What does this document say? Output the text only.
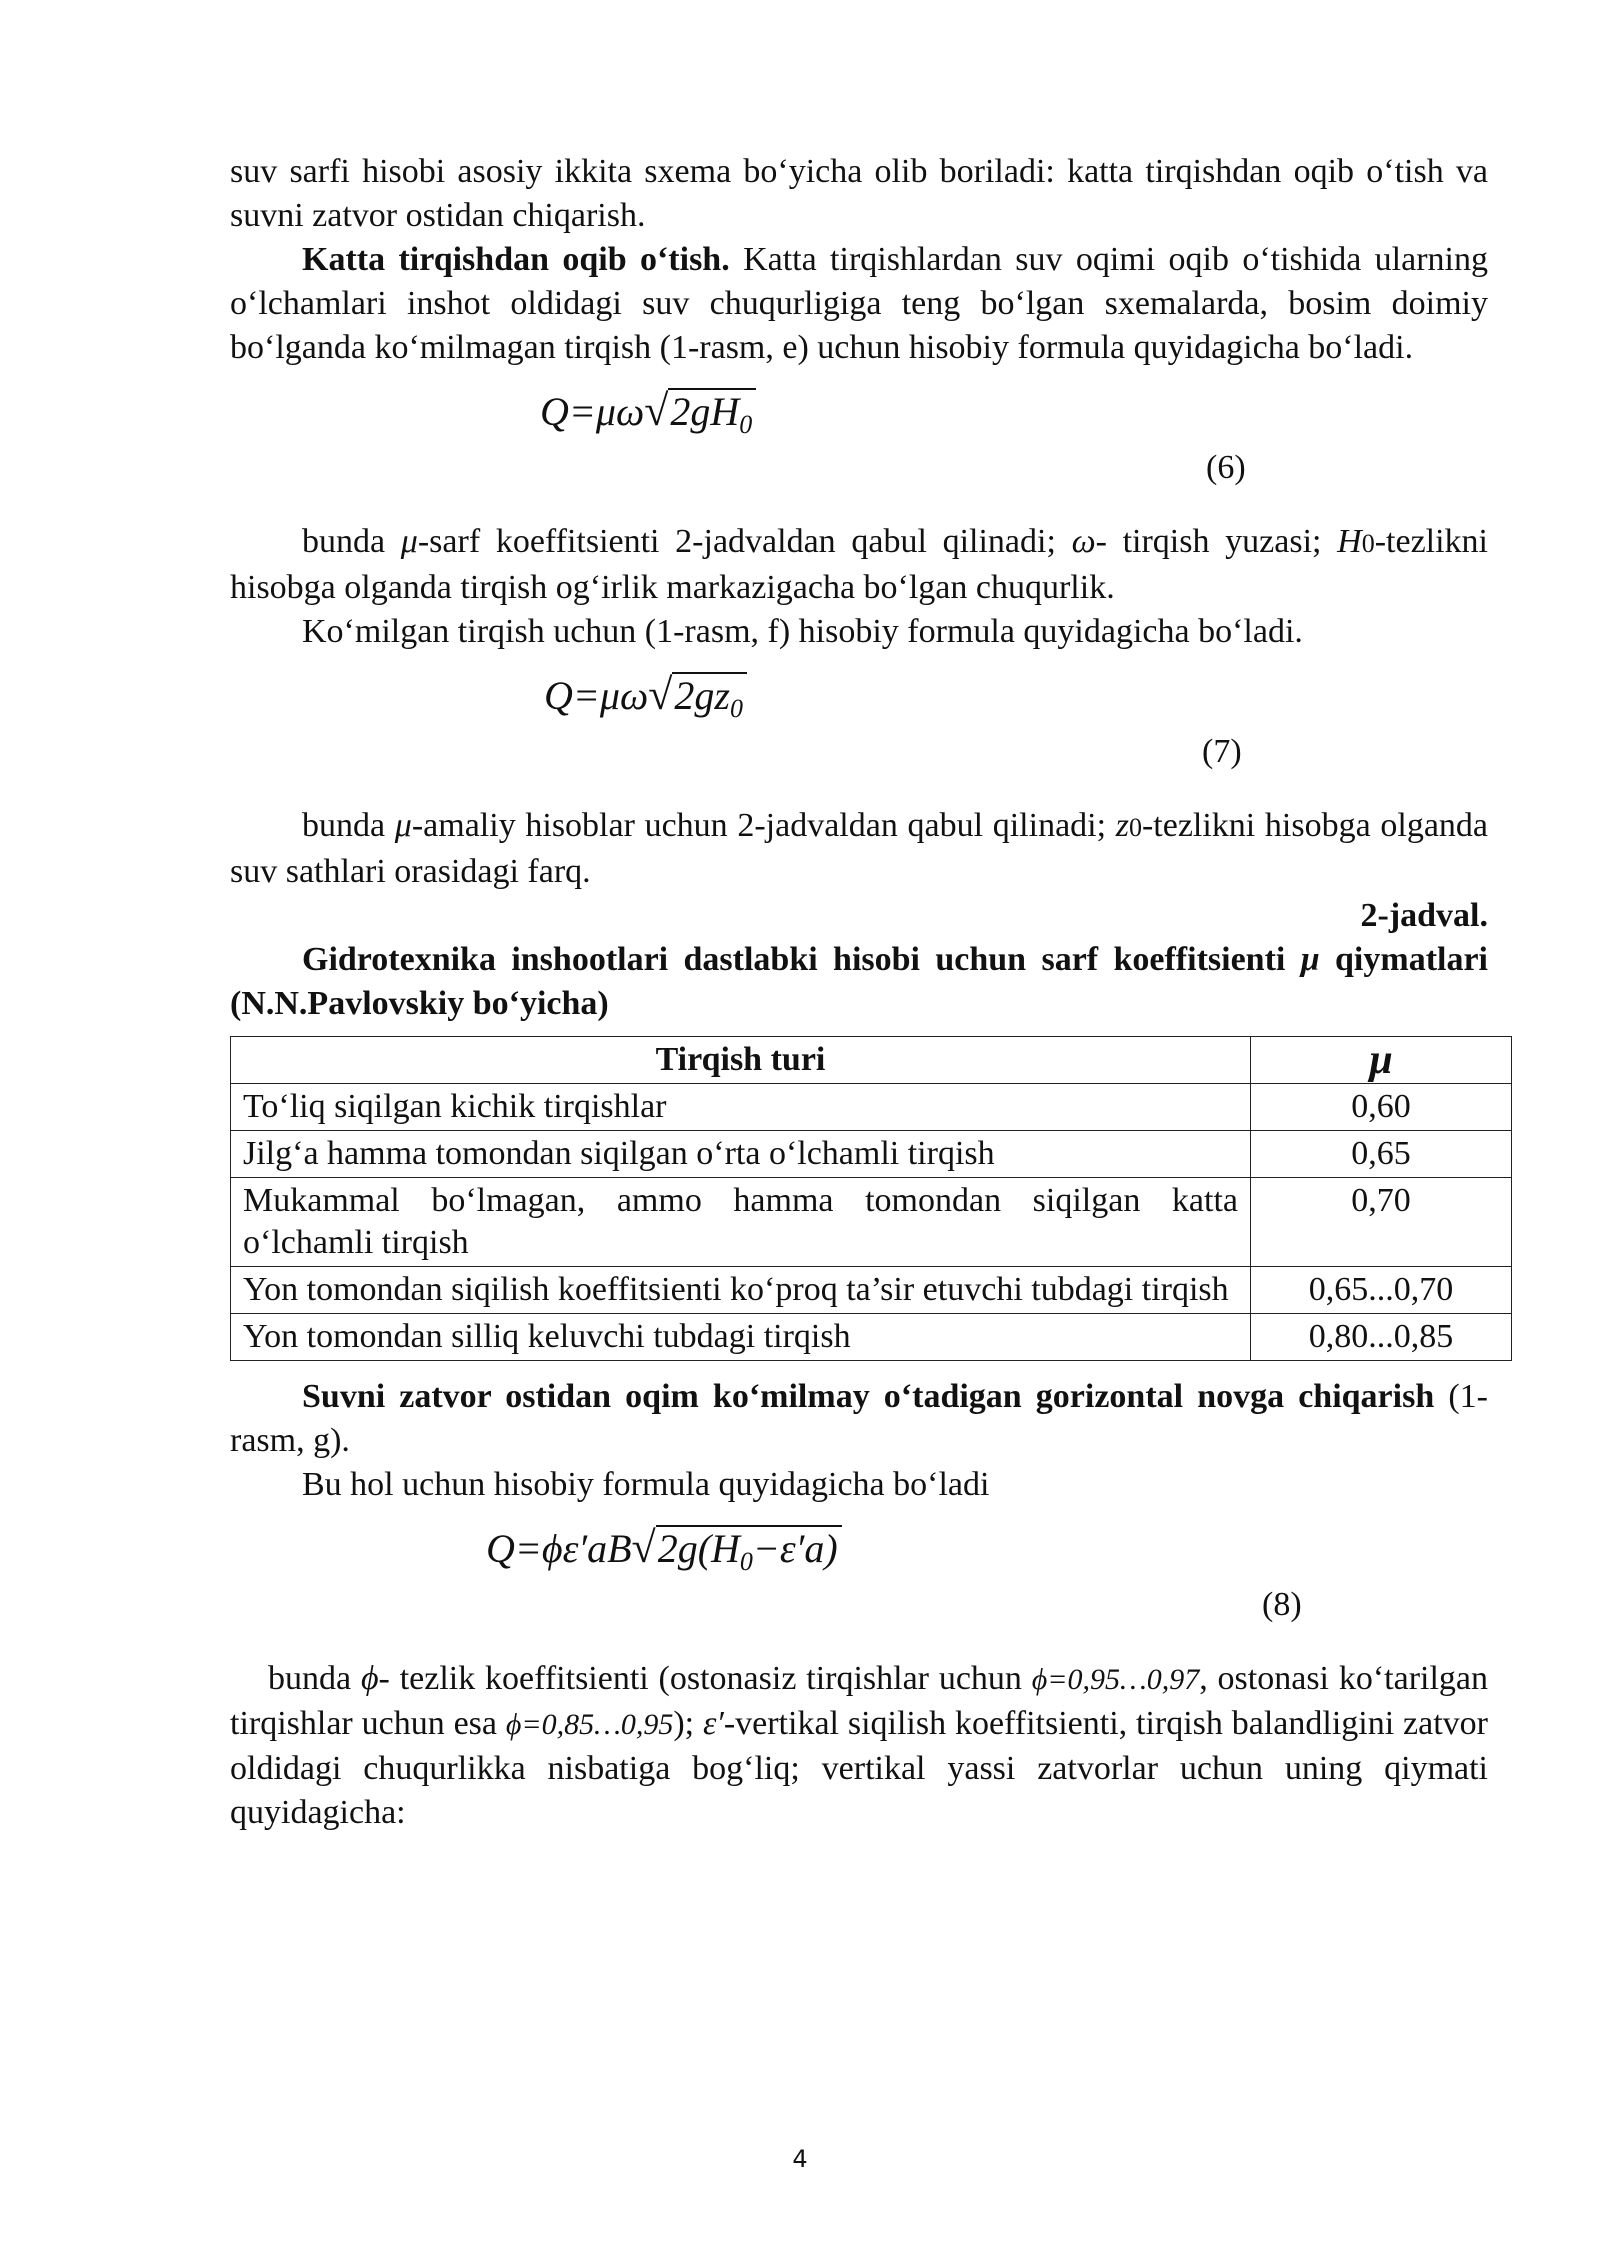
suv sarfi hisobi asosiy ikkita sxema bo‘yicha olib boriladi: katta tirqishdan oqib o‘tish va suvni zatvor ostidan chiqarish.

Katta tirqishdan oqib o‘tish. Katta tirqishlardan suv oqimi oqib o‘tishida ularning o‘lchamlari inshot oldidagi suv chuqurligiga teng bo‘lgan sxemalarda, bosim doimiy bo‘lganda ko‘milmagan tirqish (1-rasm, e) uchun hisobiy formula quyidagicha bo‘ladi.

$Q=\mu\omega√2gH_0$
(6)

bunda μ-sarf koeffitsienti 2-jadvaldan qabul qilinadi; ω- tirqish yuzasi; H0-tezlikni hisobga olganda tirqish og‘irlik markazigacha bo‘lgan chuqurlik.

Ko‘milgan tirqish uchun (1-rasm, f) hisobiy formula quyidagicha bo‘ladi.

$Q=\mu\omega√2gz_0$
(7)

bunda μ-amaliy hisoblar uchun 2-jadvaldan qabul qilinadi; z0-tezlikni hisobga olganda suv sathlari orasidagi farq.

2-jadval.

Gidrotexnika inshootlari dastlabki hisobi uchun sarf koeffitsienti μ qiymatlari (N.N.Pavlovskiy bo‘yicha)

Tirqish turi	μ
To‘liq siqilgan kichik tirqishlar	0,60
Jilg‘a hamma tomondan siqilgan o‘rta o‘lchamli tirqish	0,65
Mukammal bo‘lmagan, ammo hamma tomondan siqilgan katta o‘lchamli tirqish	0,70
Yon tomondan siqilish koeffitsienti ko‘proq ta’sir etuvchi tubdagi tirqish	0,65...0,70
Yon tomondan silliq keluvchi tubdagi tirqish	0,80...0,85

Suvni zatvor ostidan oqim ko‘milmay o‘tadigan gorizontal novga chiqarish (1-rasm, g).

Bu hol uchun hisobiy formula quyidagicha bo‘ladi

$Q=\phi\varepsilon'aB√2g(H_0-\varepsilon'a)$
(8)

bunda ϕ- tezlik koeffitsienti (ostonasiz tirqishlar uchun ϕ=0,95…0,97, ostonasi ko‘tarilgan tirqishlar uchun esa ϕ=0,85…0,95); ε′-vertikal siqilish koeffitsienti, tirqish balandligini zatvor oldidagi chuqurlikka nisbatiga bog‘liq; vertikal yassi zatvorlar uchun uning qiymati quyidagicha:

4
